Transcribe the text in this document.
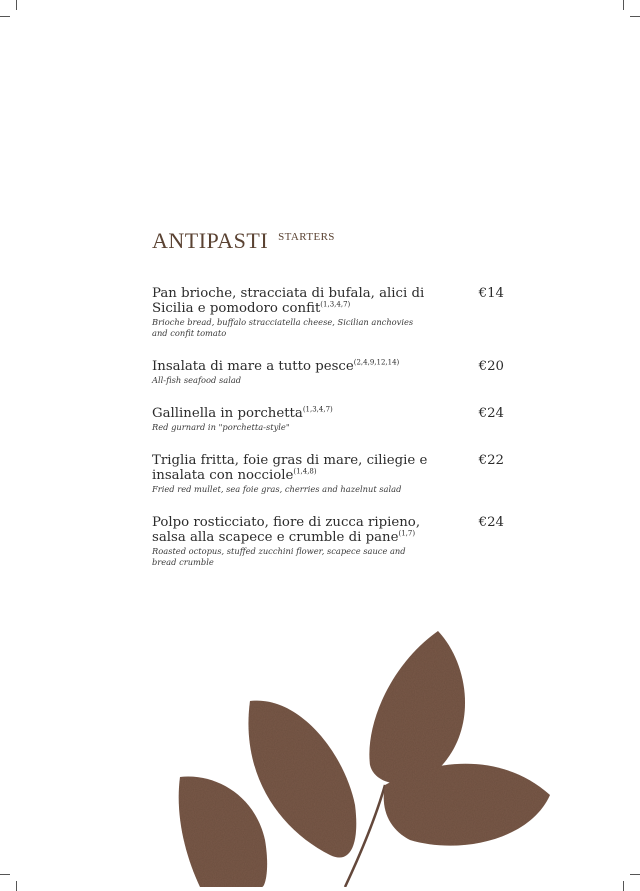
ANTIPASTI STARTERS
Pan brioche, stracciata di bufala, alici di Sicilia e pomodoro confit$^{(1,3,4,7)}$
Brioche bread, buffalo stracciatella cheese, Sicilian anchovies and confit tomato
€14
Insalata di mare a tutto pesce$^{(2,4,9,12,14)}$
All-fish seafood salad
€20
Gallinella in porchetta$^{(1,3,4,7)}$
Red gurnard in "porchetta-style"
€24
Triglia fritta, foie gras di mare, ciliegie e insalata con nocciole$^{(1,4,8)}$
Fried red mullet, sea foie gras, cherries and hazelnut salad
€22
Polpo rosticciato, fiore di zucca ripieno, salsa alla scapece e crumble di pane$^{(1,7)}$
Roasted octopus, stuffed zucchini flower, scapece sauce and bread crumble
€24
